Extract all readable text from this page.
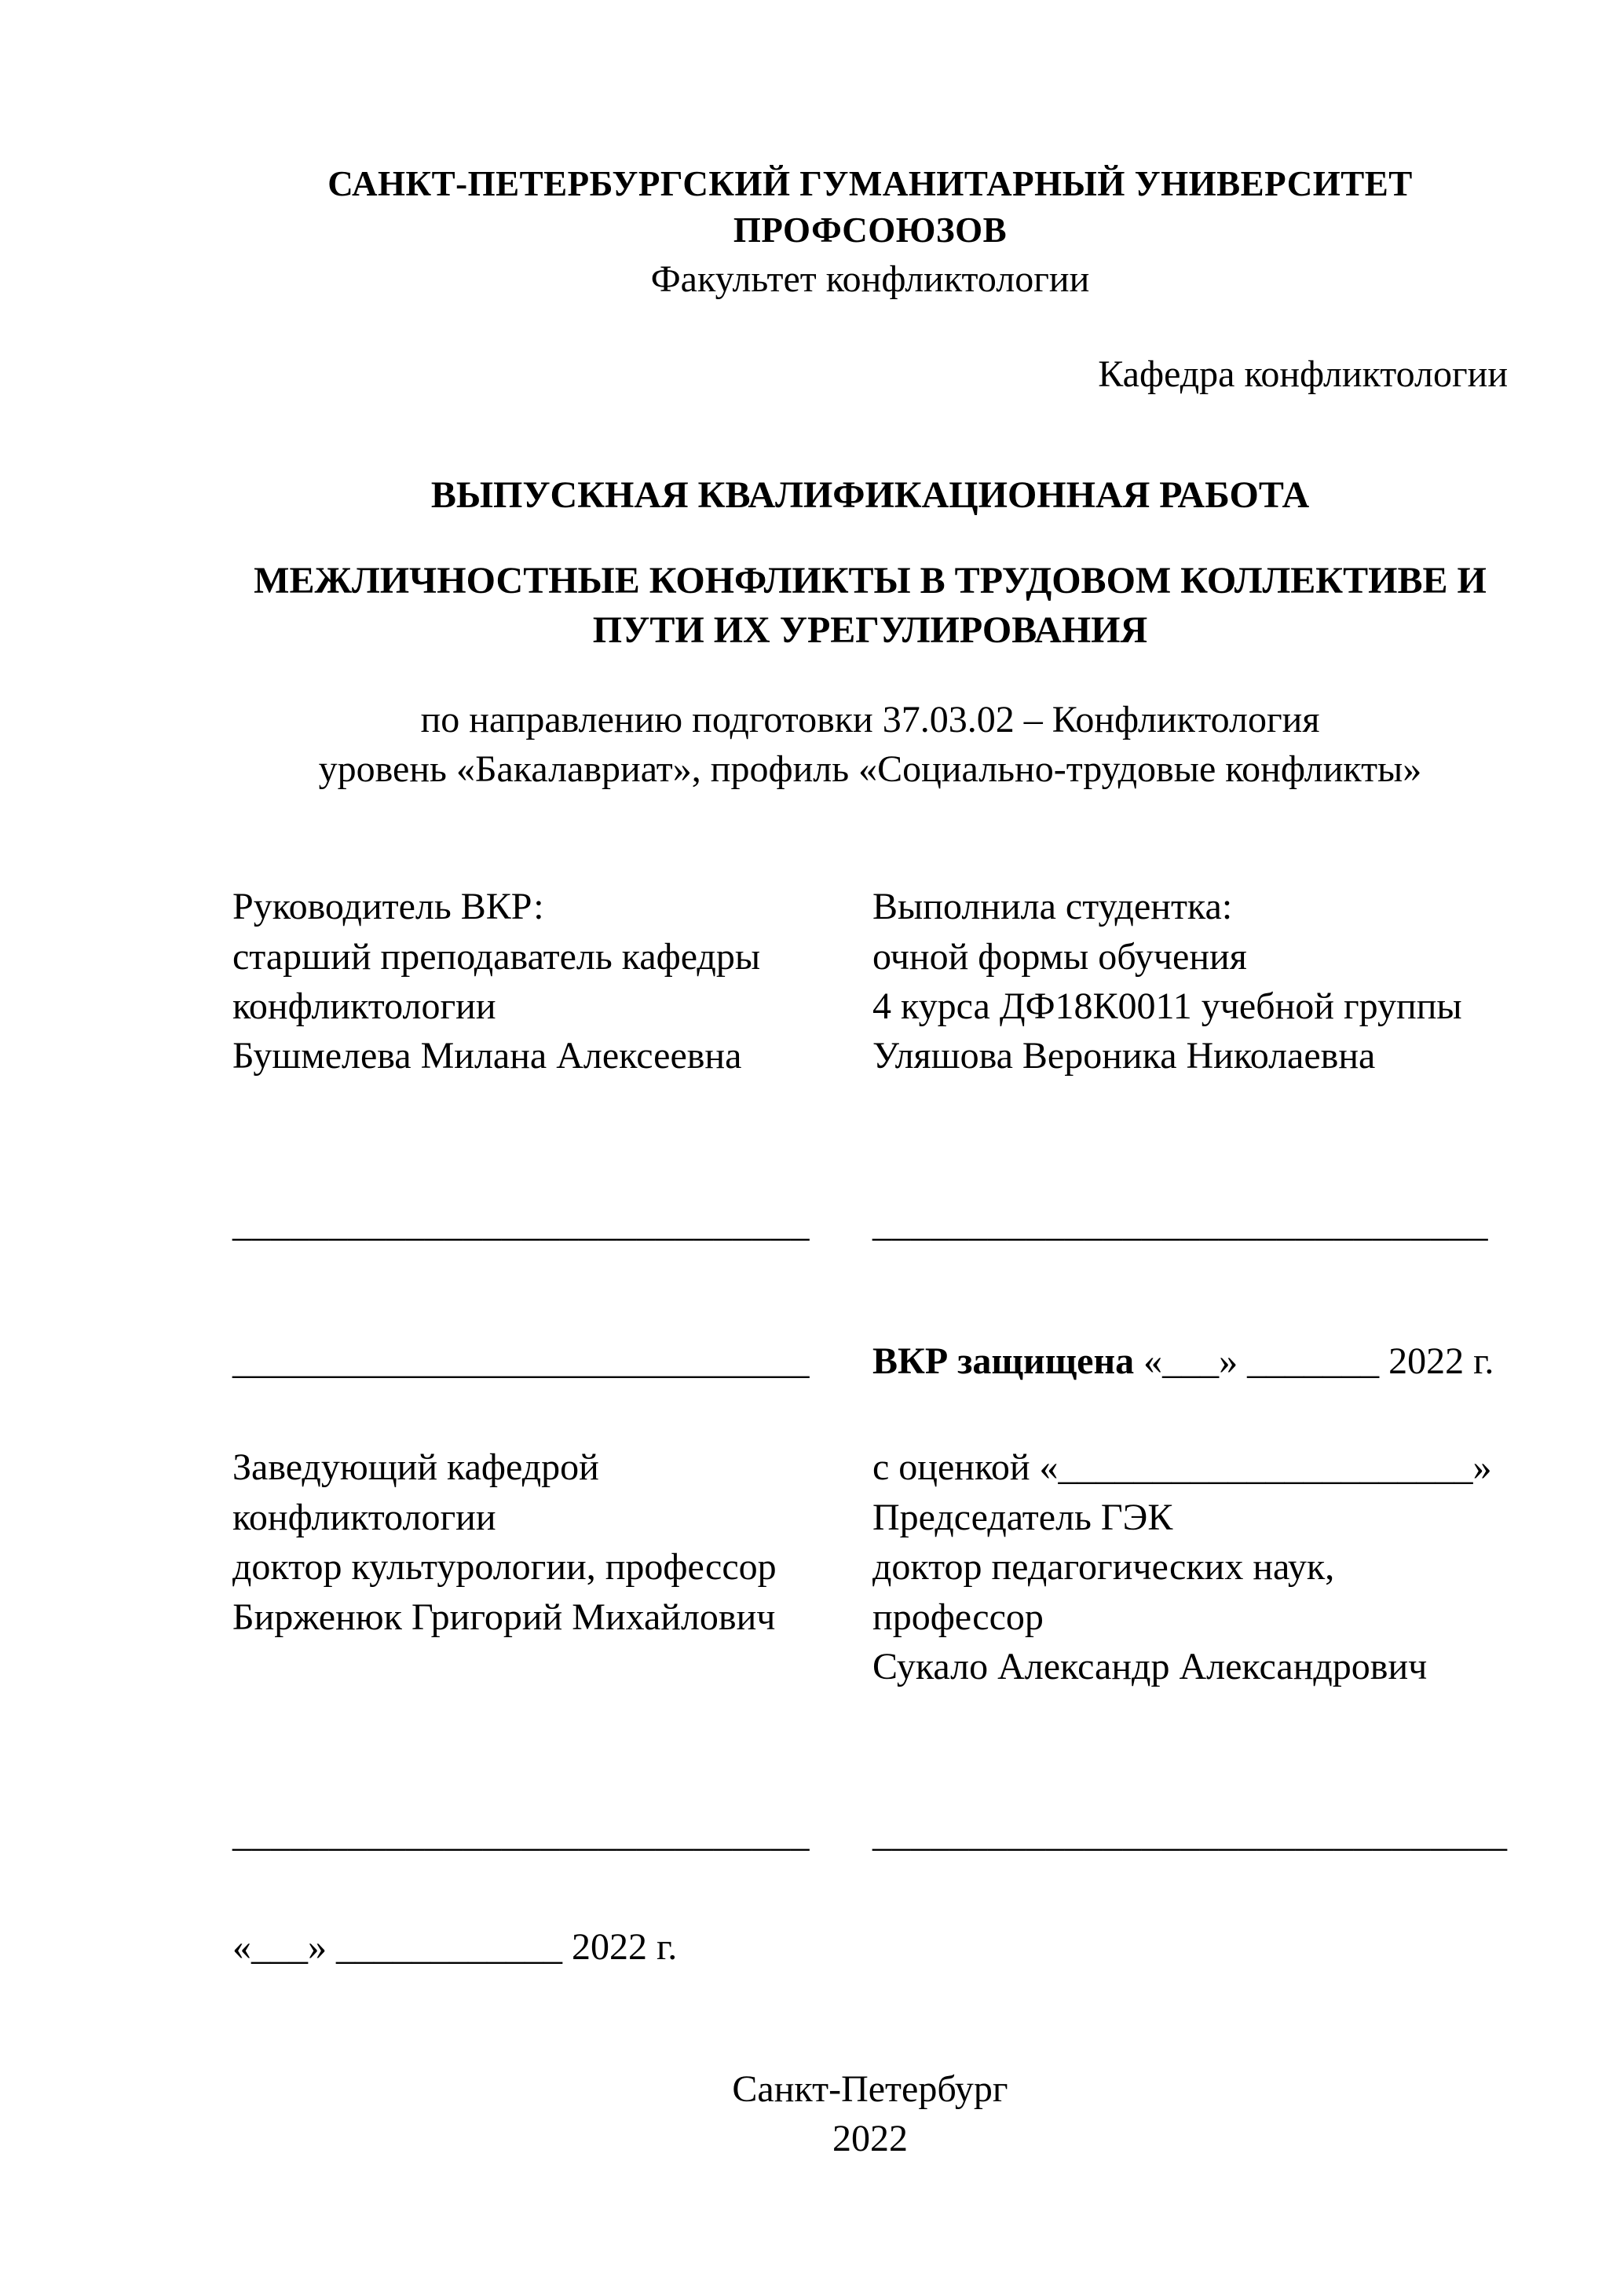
САНКТ-ПЕТЕРБУРГСКИЙ ГУМАНИТАРНЫЙ УНИВЕРСИТЕТ ПРОФСОЮЗОВ
Факультет конфликтологии
Кафедра конфликтологии
ВЫПУСКНАЯ КВАЛИФИКАЦИОННАЯ РАБОТА
МЕЖЛИЧНОСТНЫЕ КОНФЛИКТЫ В ТРУДОВОМ КОЛЛЕКТИВЕ И ПУТИ ИХ УРЕГУЛИРОВАНИЯ
по направлению подготовки 37.03.02 – Конфликтология
уровень «Бакалавриат», профиль «Социально-трудовые конфликты»
Руководитель ВКР:
старший преподаватель кафедры
конфликтологии
Бушмелева Милана Алексеевна
Выполнила студентка:
очной формы обучения
4 курса ДФ18К0011 учебной группы
Уляшова Вероника Николаевна
______________________________	________________________________
______________________________	ВКР защищена «___» _______ 2022 г.
Заведующий кафедрой
конфликтологии
доктор культурологии, профессор
Бирженюк Григорий Михайлович
с оценкой «______________________»
Председатель ГЭК
доктор педагогических наук,
профессор
Сукало Александр Александрович
______________________________	_________________________________
«___» ____________ 2022 г.
Санкт-Петербург
2022
